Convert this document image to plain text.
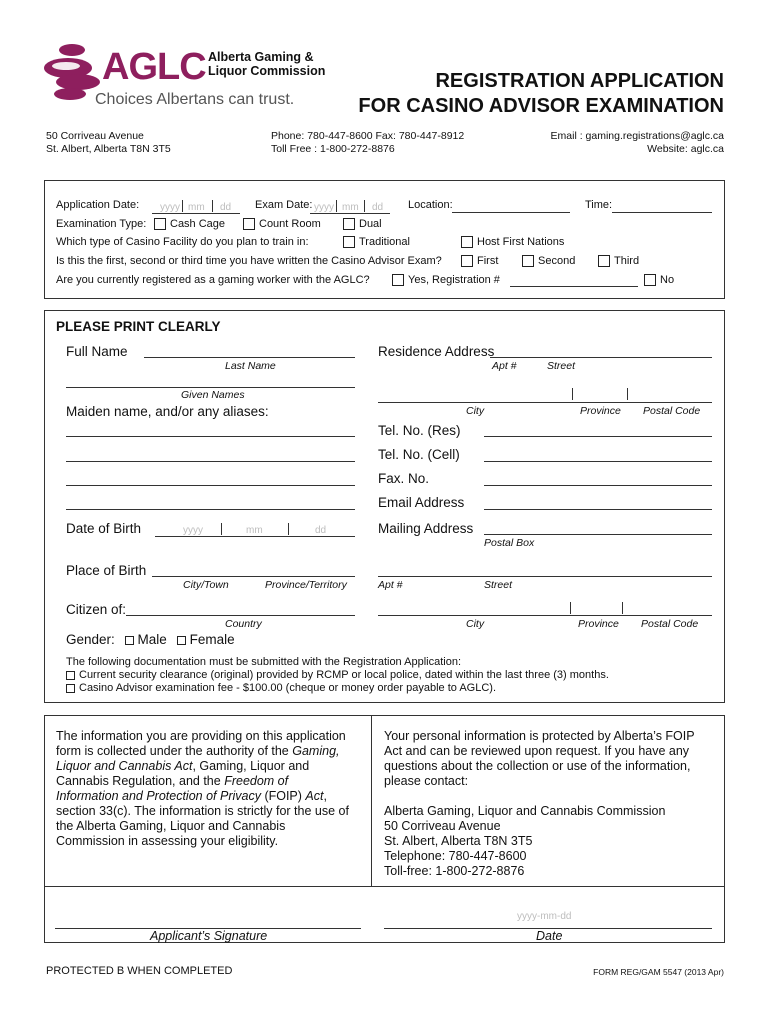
AGLC Alberta Gaming &
Liquor Commission
Choices Albertans can trust.
REGISTRATION APPLICATION
FOR CASINO ADVISOR EXAMINATION
50 Corriveau Avenue
St. Albert, Alberta T8N 3T5
Phone: 780-447-8600 Fax: 780-447-8912
Toll Free : 1-800-272-8876
Email : gaming.registrations@aglc.ca
Website: aglc.ca
Application Date: yyyy mm dd Exam Date: yyyy mm dd Location:	Time:
Examination Type: Cash Cage	Count Room	Dual
Which type of Casino Facility do you plan to train in:	Traditional	Host First Nations
Is this the first, second or third time you have written the Casino Advisor Exam?	First	Second	Third
Are you currently registered as a gaming worker with the AGLC?	Yes, Registration #	No
PLEASE PRINT CLEARLY
Full Name
Last Name
Given Names
Maiden name, and/or any aliases:
Date of Birth	yyyy	mm	dd
Place of Birth
City/Town	Province/Territory
Citizen of:
Country
Gender: Male Female
Residence Address
Apt #	Street
City	Province Postal Code
Tel. No. (Res)
Tel. No. (Cell)
Fax. No.
Email Address
Mailing Address
Postal Box
Apt #	Street
City	Province Postal Code
The following documentation must be submitted with the Registration Application:
Current security clearance (original) provided by RCMP or local police, dated within the last three (3) months.
Casino Advisor examination fee - $100.00 (cheque or money order payable to AGLC).
The information you are providing on this application form is collected under the authority of the Gaming, Liquor and Cannabis Act, Gaming, Liquor and Cannabis Regulation, and the Freedom of Information and Protection of Privacy (FOIP) Act, section 33(c). The information is strictly for the use of the Alberta Gaming, Liquor and Cannabis Commission in assessing your eligibility.
Your personal information is protected by Alberta’s FOIP Act and can be reviewed upon request. If you have any questions about the collection or use of the information, please contact:
Alberta Gaming, Liquor and Cannabis Commission
50 Corriveau Avenue
St. Albert, Alberta T8N 3T5
Telephone: 780-447-8600
Toll-free: 1-800-272-8876
Applicant’s Signature
yyyy-mm-dd
Date
PROTECTED B WHEN COMPLETED	FORM REG/GAM 5547 (2013 Apr)
